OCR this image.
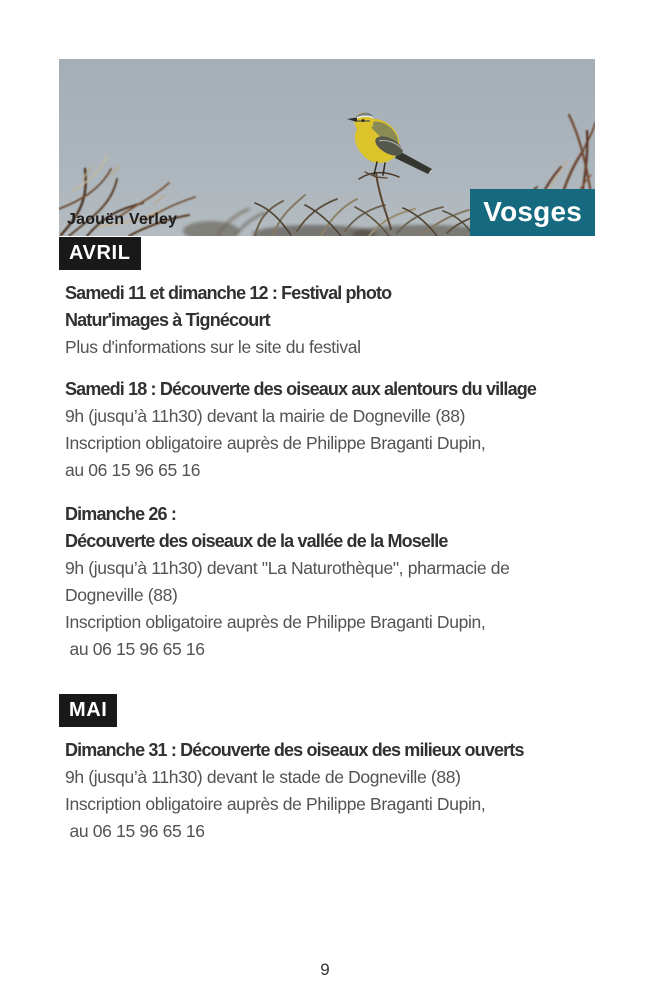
Jaouën Verley	Vosges
AVRIL
Samedi 11 et dimanche 12 : Festival photo
Natur'images à Tignécourt
Plus d'informations sur le site du festival
Samedi 18 : Découverte des oiseaux aux alentours du village
9h (jusqu’à 11h30) devant la mairie de Dogneville (88)
Inscription obligatoire auprès de Philippe Braganti Dupin,
au 06 15 96 65 16
Dimanche 26 :
Découverte des oiseaux de la vallée de la Moselle
9h (jusqu’à 11h30) devant "La Naturothèque", pharmacie de
Dogneville (88)
Inscription obligatoire auprès de Philippe Braganti Dupin,
au 06 15 96 65 16
MAI
Dimanche 31 : Découverte des oiseaux des milieux ouverts
9h (jusqu’à 11h30) devant le stade de Dogneville (88)
Inscription obligatoire auprès de Philippe Braganti Dupin,
au 06 15 96 65 16
9
